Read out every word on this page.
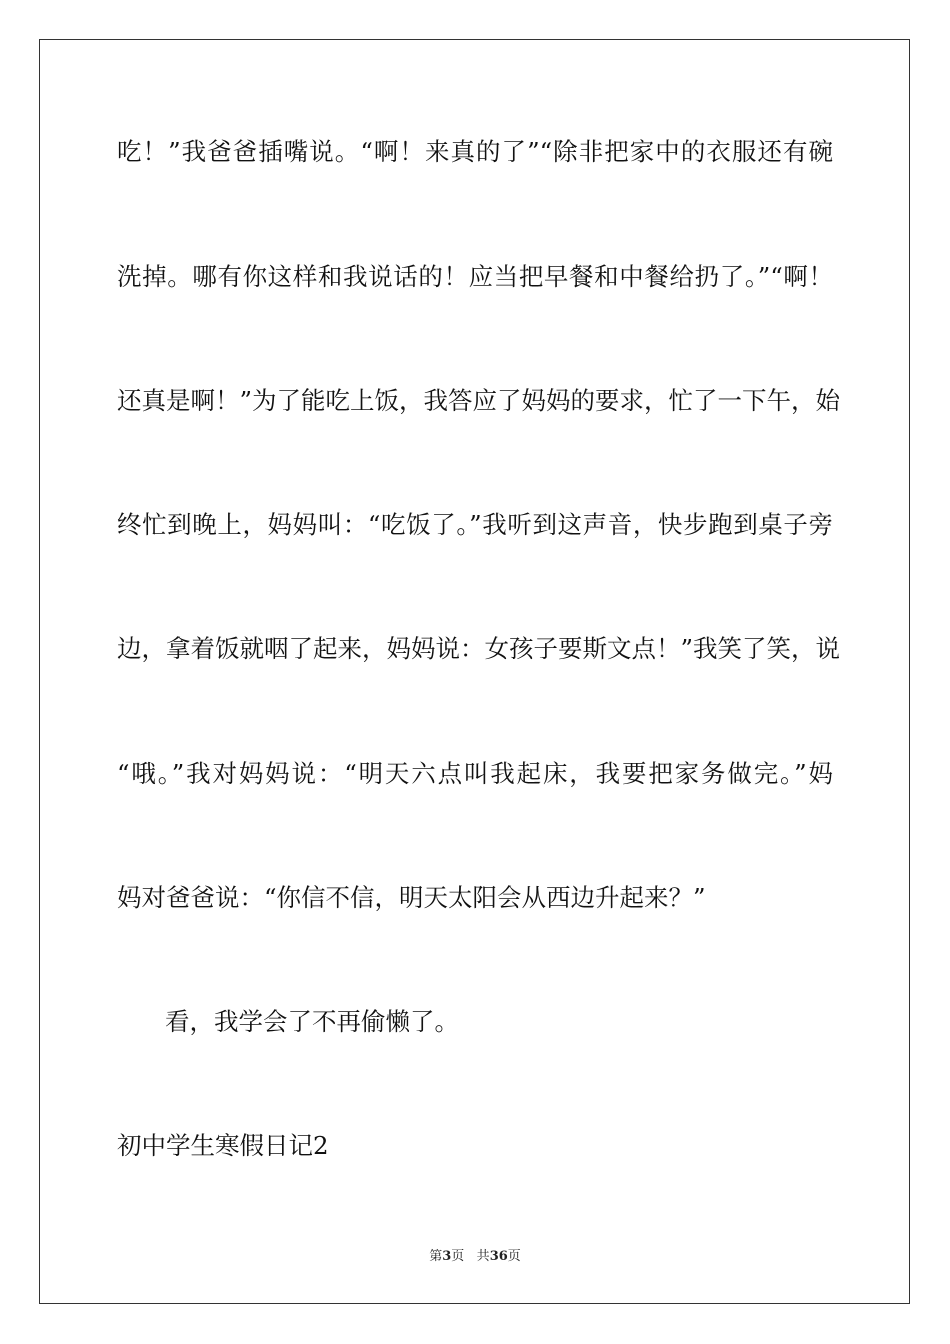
吃！”我爸爸插嘴说。“啊！来真的了”“除非把家中的衣服还有碗
洗掉。哪有你这样和我说话的！应当把早餐和中餐给扔了。”“啊！
还真是啊！”为了能吃上饭，我答应了妈妈的要求，忙了一下午，始
终忙到晚上，妈妈叫：“吃饭了。”我听到这声音，快步跑到桌子旁
边，拿着饭就咽了起来，妈妈说：女孩子要斯文点！”我笑了笑，说
“哦。”我对妈妈说：“明天六点叫我起床，我要把家务做完。”妈
妈对爸爸说：“你信不信，明天太阳会从西边升起来？”
看，我学会了不再偷懒了。
初中学生寒假日记2
第3页 共36页
